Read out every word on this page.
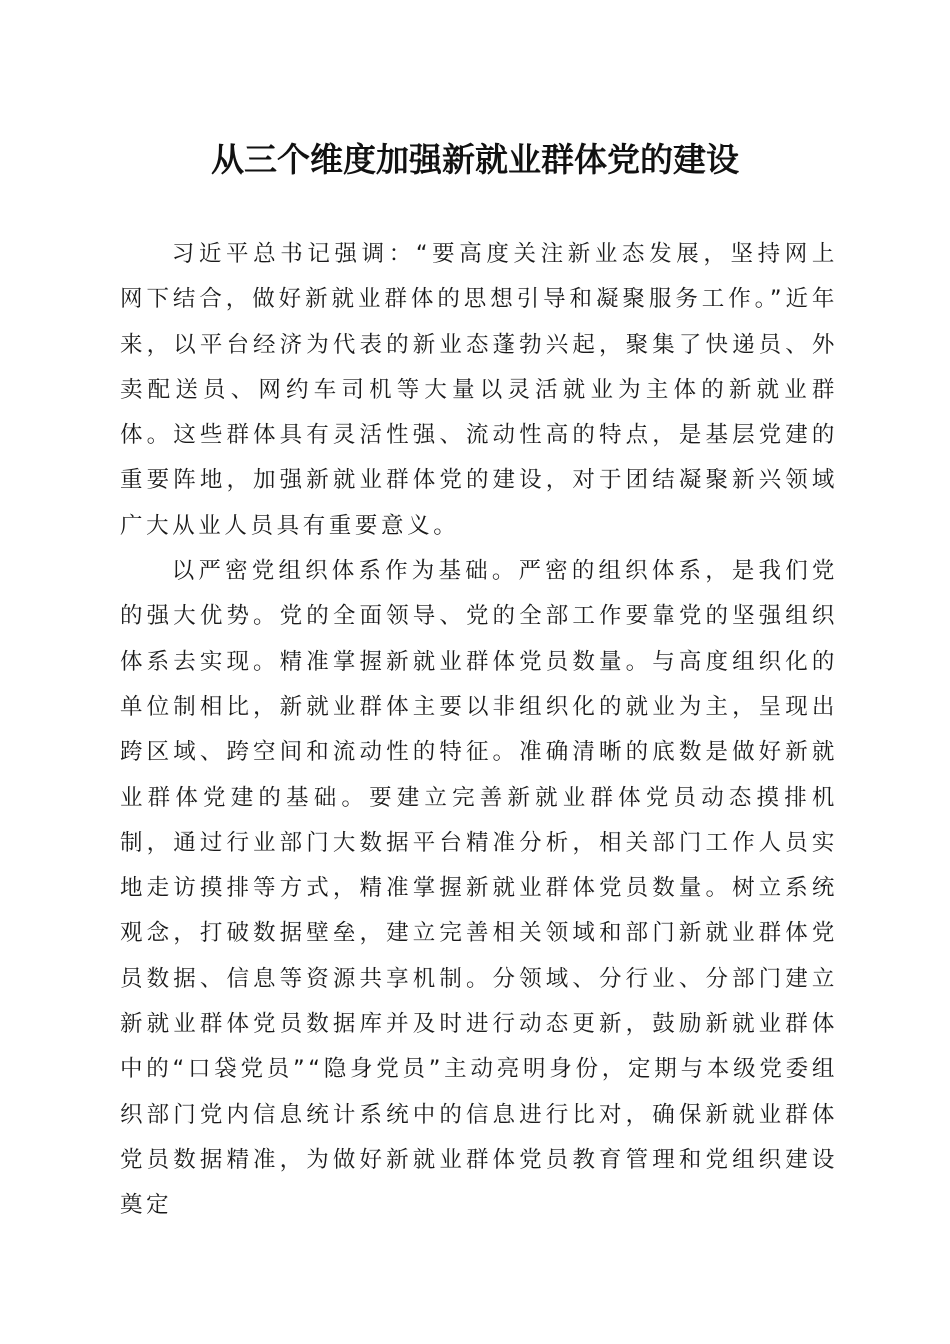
从三个维度加强新就业群体党的建设

习近平总书记强调：“要高度关注新业态发展，坚持网上网下结合，做好新就业群体的思想引导和凝聚服务工作。”近年来，以平台经济为代表的新业态蓬勃兴起，聚集了快递员、外卖配送员、网约车司机等大量以灵活就业为主体的新就业群体。这些群体具有灵活性强、流动性高的特点，是基层党建的重要阵地，加强新就业群体党的建设，对于团结凝聚新兴领域广大从业人员具有重要意义。

以严密党组织体系作为基础。严密的组织体系，是我们党的强大优势。党的全面领导、党的全部工作要靠党的坚强组织体系去实现。精准掌握新就业群体党员数量。与高度组织化的单位制相比，新就业群体主要以非组织化的就业为主，呈现出跨区域、跨空间和流动性的特征。准确清晰的底数是做好新就业群体党建的基础。要建立完善新就业群体党员动态摸排机制，通过行业部门大数据平台精准分析，相关部门工作人员实地走访摸排等方式，精准掌握新就业群体党员数量。树立系统观念，打破数据壁垒，建立完善相关领域和部门新就业群体党员数据、信息等资源共享机制。分领域、分行业、分部门建立新就业群体党员数据库并及时进行动态更新，鼓励新就业群体中的“口袋党员”“隐身党员”主动亮明身份，定期与本级党委组织部门党内信息统计系统中的信息进行比对，确保新就业群体党员数据精准，为做好新就业群体党员教育管理和党组织建设奠定
